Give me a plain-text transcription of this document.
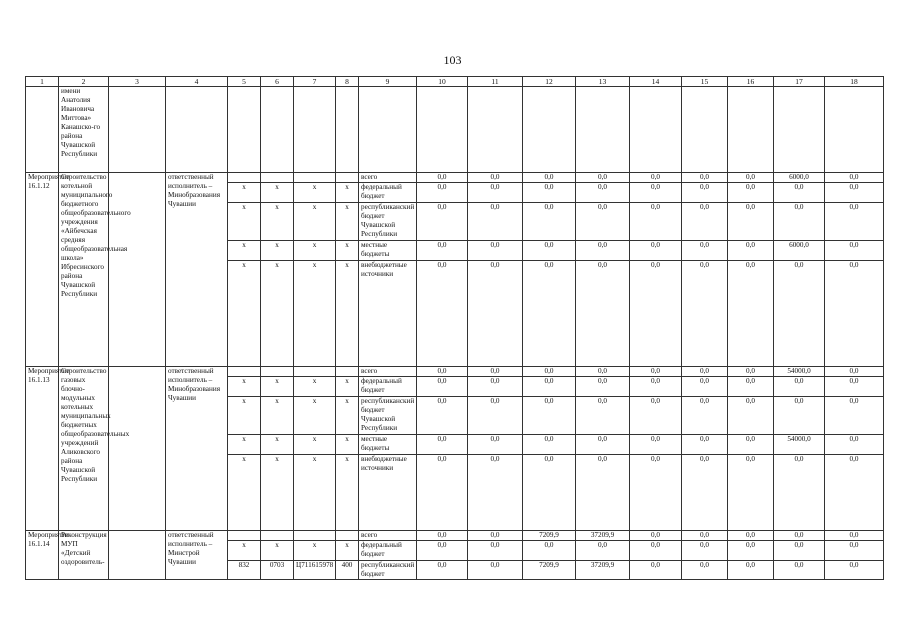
103
1	2	3	4	5	6	7	8	9	10	11	12	13	14	15	16	17	18
	имени Анатолия Ивановича Миттова» Канашско-го района Чувашской Республики																
Мероприятие 16.1.12	Строительство котельной муниципального бюджетного общеобразовательного учреждения «Айбечская средняя общеобразовательная школа» Ибресинского района Чувашской Республики		ответственный исполнитель – Минобразования Чувашии					всего	0,0	0,0	0,0	0,0	0,0	0,0	0,0	6000,0	0,0
				x	x	x	x	федеральный бюджет	0,0	0,0	0,0	0,0	0,0	0,0	0,0	0,0	0,0
				x	x	x	x	республиканский бюджет Чувашской Республики	0,0	0,0	0,0	0,0	0,0	0,0	0,0	0,0	0,0
				x	x	x	x	местные бюджеты	0,0	0,0	0,0	0,0	0,0	0,0	0,0	6000,0	0,0
				x	x	x	x	внебюджетные источники	0,0	0,0	0,0	0,0	0,0	0,0	0,0	0,0	0,0
Мероприятие 16.1.13	Строительство газовых блочно-модульных котельных муниципальных бюджетных общеобразовательных учреждений Аликовского района Чувашской Республики		ответственный исполнитель – Минобразования Чувашии					всего	0,0	0,0	0,0	0,0	0,0	0,0	0,0	54000,0	0,0
				x	x	x	x	федеральный бюджет	0,0	0,0	0,0	0,0	0,0	0,0	0,0	0,0	0,0
				x	x	x	x	республиканский бюджет Чувашской Республики	0,0	0,0	0,0	0,0	0,0	0,0	0,0	0,0	0,0
				x	x	x	x	местные бюджеты	0,0	0,0	0,0	0,0	0,0	0,0	0,0	54000,0	0,0
				x	x	x	x	внебюджетные источники	0,0	0,0	0,0	0,0	0,0	0,0	0,0	0,0	0,0
Мероприятие 16.1.14	Реконструкция МУП «Детский оздоровитель-		ответственный исполнитель – Минстрой Чувашии					всего	0,0	0,0	7209,9	37209,9	0,0	0,0	0,0	0,0	0,0
				x	x	x	x	федеральный бюджет	0,0	0,0	0,0	0,0	0,0	0,0	0,0	0,0	0,0
				832	0703	Ц711615978	400	республиканский бюджет	0,0	0,0	7209,9	37209,9	0,0	0,0	0,0	0,0	0,0
